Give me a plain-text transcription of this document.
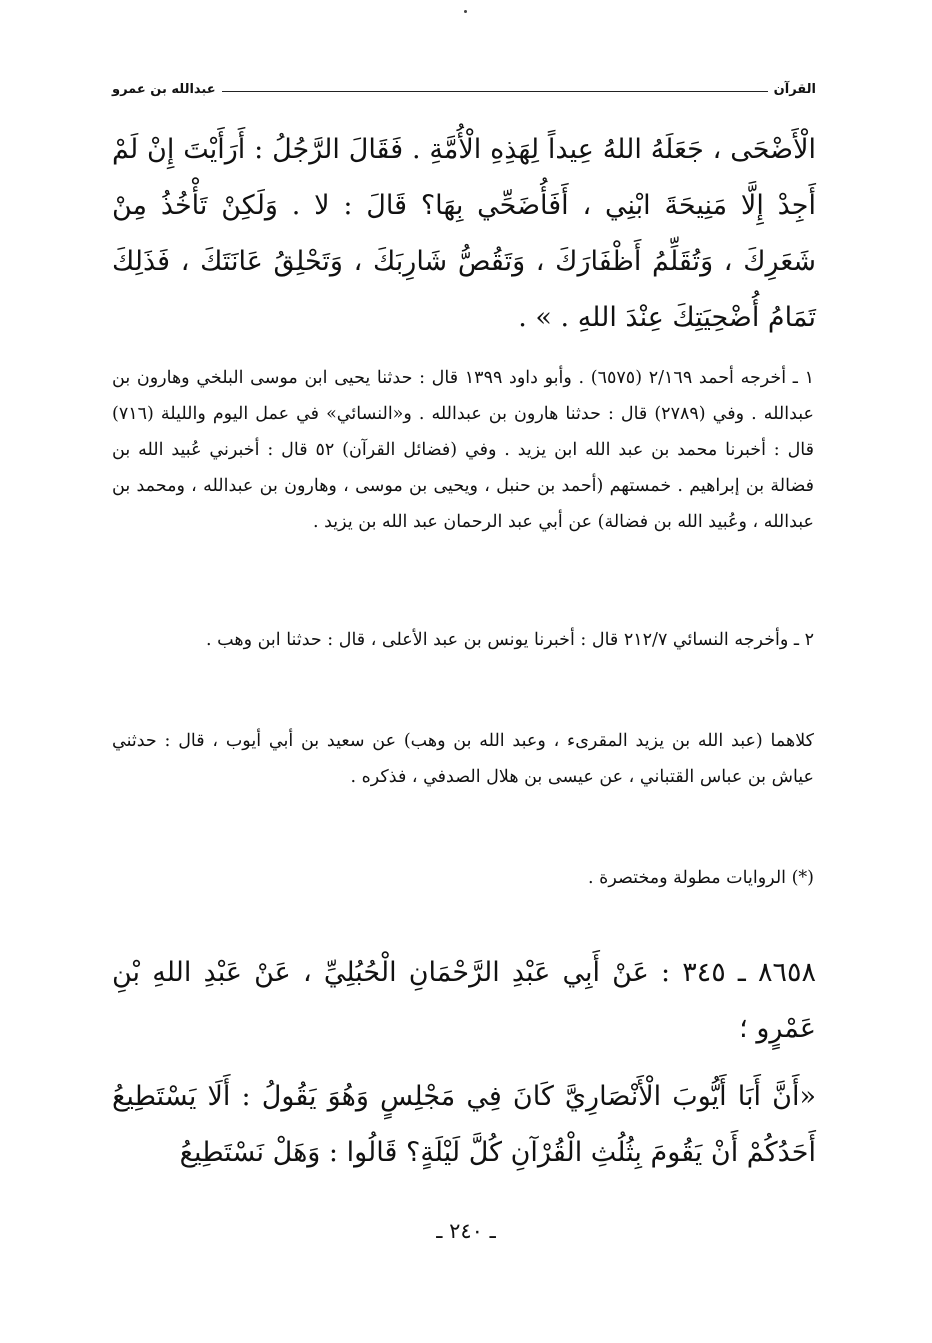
القرآن
عبدالله بن عمرو

الْأَضْحَى ، جَعَلَهُ اللهُ عِيداً لِهَذِهِ الْأُمَّةِ . فَقَالَ الرَّجُلُ : أَرَأَيْتَ إِنْ لَمْ أَجِدْ إِلَّا مَنِيحَةَ ابْنِي ، أَفَأُضَحِّي بِهَا؟ قَالَ : لا . وَلَكِنْ تَأْخُذُ مِنْ شَعَرِكَ ، وَتُقَلِّمُ أَظْفَارَكَ ، وَتَقُصُّ شَارِبَكَ ، وَتَحْلِقُ عَانَتَكَ ، فَذَلِكَ تَمَامُ أُضْحِيَتِكَ عِنْدَ اللهِ . » .

١ ـ أخرجه أحمد ٢/١٦٩ (٦٥٧٥) . وأبو داود ١٣٩٩ قال : حدثنا يحيى ابن موسى البلخي وهارون بن عبدالله . وفي (٢٧٨٩) قال : حدثنا هارون بن عبدالله . و«النسائي» في عمل اليوم والليلة (٧١٦) قال : أخبرنا محمد بن عبد الله ابن يزيد . وفي (فضائل القرآن) ٥٢ قال : أخبرني عُبيد الله بن فضالة بن إبراهيم . خمستهم (أحمد بن حنبل ، ويحيى بن موسى ، وهارون بن عبدالله ، ومحمد بن عبدالله ، وعُبيد الله بن فضالة) عن أبي عبد الرحمان عبد الله بن يزيد .

٢ ـ وأخرجه النسائي ٢١٢/٧ قال : أخبرنا يونس بن عبد الأعلى ، قال : حدثنا ابن وهب .

كلاهما (عبد الله بن يزيد المقرىء ، وعبد الله بن وهب) عن سعيد بن أبي أيوب ، قال : حدثني عياش بن عباس القتباني ، عن عيسى بن هلال الصدفي ، فذكره .

(*) الروايات مطولة ومختصرة .

٨٦٥٨ ـ ٣٤٥ : عَنْ أَبِي عَبْدِ الرَّحْمَانِ الْحُبُلِيِّ ، عَنْ عَبْدِ اللهِ بْنِ عَمْرٍو ؛

«أَنَّ أَبَا أَيُّوبَ الْأَنْصَارِيَّ كَانَ فِي مَجْلِسٍ وَهُوَ يَقُولُ : أَلَا يَسْتَطِيعُ أَحَدُكُمْ أَنْ يَقُومَ بِثُلُثِ الْقُرْآنِ كُلَّ لَيْلَةٍ؟ قَالُوا : وَهَلْ نَسْتَطِيعُ

ـ ٢٤٠ ـ
